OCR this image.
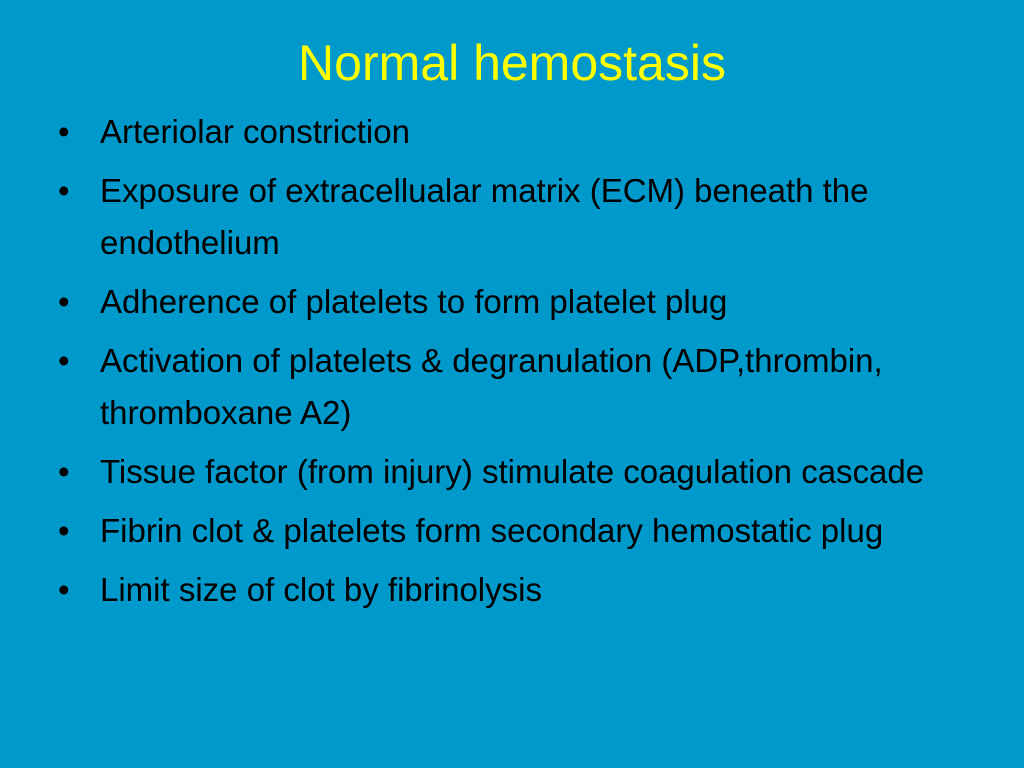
Normal hemostasis
• Arteriolar constriction
• Exposure of extracellualar matrix (ECM) beneath the endothelium
• Adherence of platelets to form platelet plug
• Activation of platelets & degranulation (ADP,thrombin, thromboxane A2)
• Tissue factor (from injury) stimulate coagulation cascade
• Fibrin clot & platelets form secondary hemostatic plug
• Limit size of clot by fibrinolysis
